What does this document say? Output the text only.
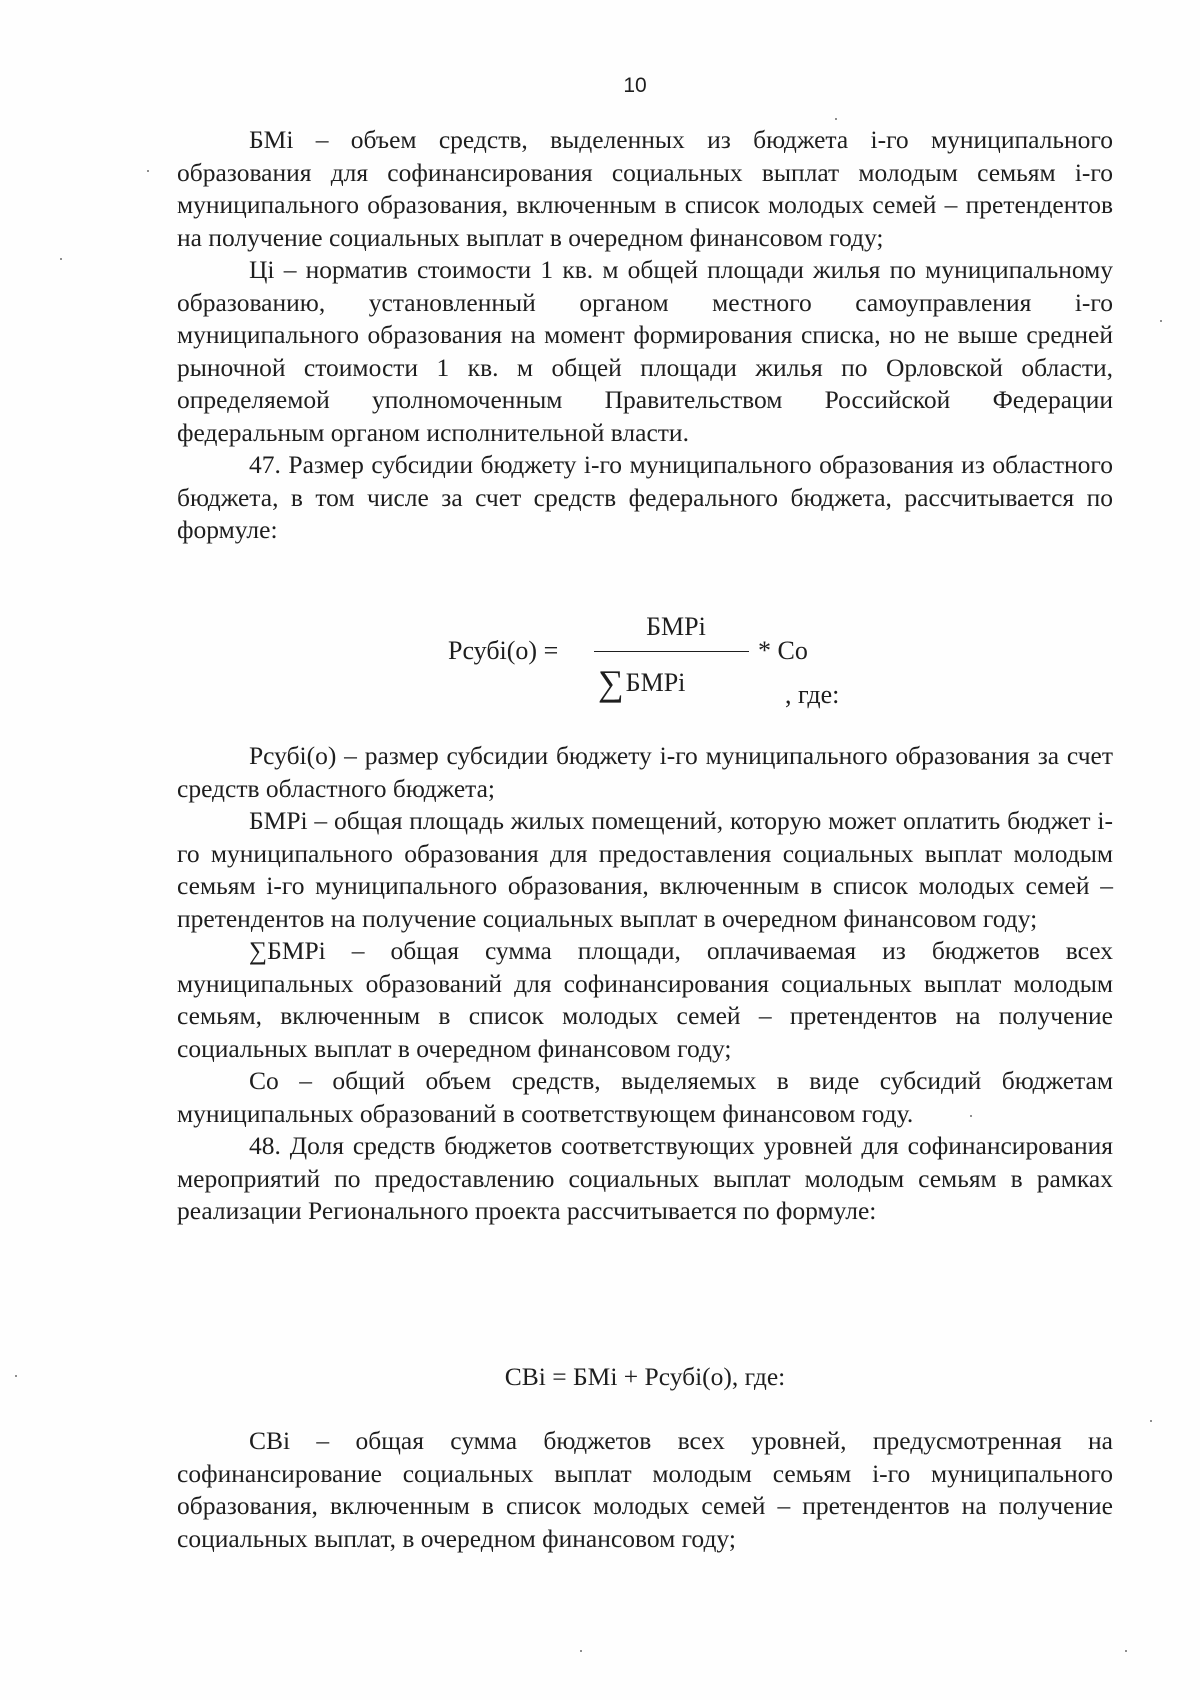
10

БМі – объем средств, выделенных из бюджета і-го муниципального образования для софинансирования социальных выплат молодым семьям і-го муниципального образования, включенным в список молодых семей – претендентов на получение социальных выплат в очередном финансовом году;

Ці – норматив стоимости 1 кв. м общей площади жилья по муниципальному образованию, установленный органом местного самоуправления і-го муниципального образования на момент формирования списка, но не выше средней рыночной стоимости 1 кв. м общей площади жилья по Орловской области, определяемой уполномоченным Правительством Российской Федерации федеральным органом исполнительной власти.

47. Размер субсидии бюджету і-го муниципального образования из областного бюджета, в том числе за счет средств федерального бюджета, рассчитывается по формуле:

Рсубі(о) =
БМРі
∑БМРі
* Со
, где:

Рсубі(о) – размер субсидии бюджету і-го муниципального образования за счет средств областного бюджета;

БМРі – общая площадь жилых помещений, которую может оплатить бюджет і-го муниципального образования для предоставления социальных выплат молодым семьям і-го муниципального образования, включенным в список молодых семей – претендентов на получение социальных выплат в очередном финансовом году;

∑БМРі – общая сумма площади, оплачиваемая из бюджетов всех муниципальных образований для софинансирования социальных выплат молодым семьям, включенным в список молодых семей – претендентов на получение социальных выплат в очередном финансовом году;

Со – общий объем средств, выделяемых в виде субсидий бюджетам муниципальных образований в соответствующем финансовом году.

48. Доля средств бюджетов соответствующих уровней для софинансирования мероприятий по предоставлению социальных выплат молодым семьям в рамках реализации Регионального проекта рассчитывается по формуле:

СВі = БМі + Рсубі(о), где:

СВі – общая сумма бюджетов всех уровней, предусмотренная на софинансирование социальных выплат молодым семьям і-го муниципального образования, включенным в список молодых семей – претендентов на получение социальных выплат, в очередном финансовом году;
